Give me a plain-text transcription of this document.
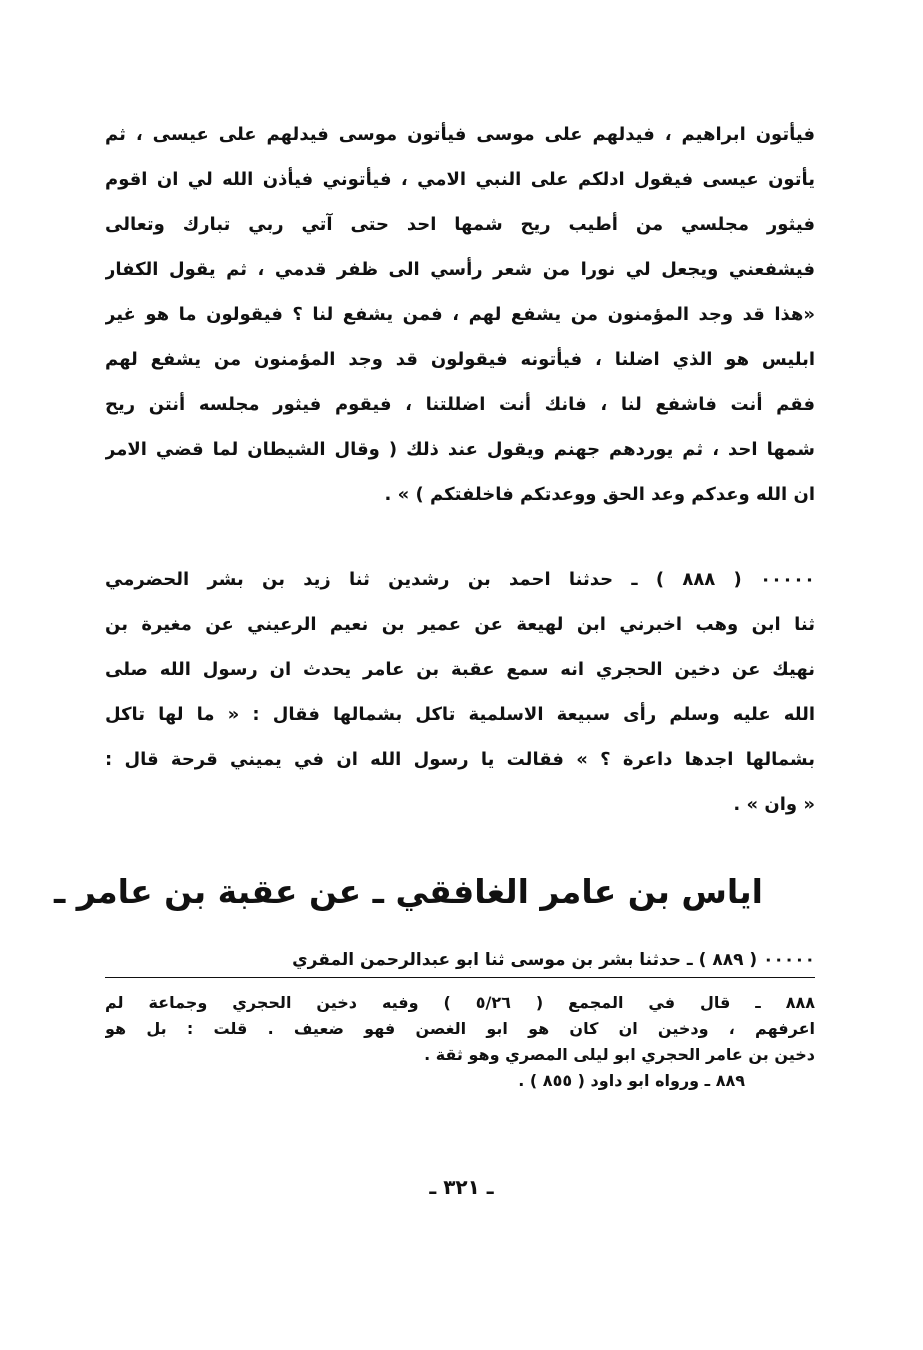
فيأتون ابراهيم ، فيدلهم على موسى فيأتون موسى فيدلهم على عيسى ، ثم
يأتون عيسى فيقول ادلكم على النبي الامي ، فيأتوني فيأذن الله لي ان اقوم
فيثور مجلسي من أطيب ريح شمها احد حتى آتي ربي تبارك وتعالى
فيشفعني ويجعل لي نورا من شعر رأسي الى ظفر قدمي ، ثم يقول الكفار
«هذا قد وجد المؤمنون من يشفع لهم ، فمن يشفع لنا ؟ فيقولون ما هو غير
ابليس هو الذي اضلنا ، فيأتونه فيقولون قد وجد المؤمنون من يشفع لهم
فقم أنت فاشفع لنا ، فانك أنت اضللتنا ، فيقوم فيثور مجلسه أنتن ريح
شمها احد ، ثم يوردهم جهنم ويقول عند ذلك ( وقال الشيطان لما قضي الامر
ان الله وعدكم وعد الحق ووعدتكم فاخلفتكم ) » .
٠٠٠٠٠ ( ٨٨٨ ) ـ حدثنا احمد بن رشدين ثنا زيد بن بشر الحضرمي
ثنا ابن وهب اخبرني ابن لهيعة عن عمير بن نعيم الرعيني عن مغيرة بن
نهيك عن دخين الحجري انه سمع عقبة بن عامر يحدث ان رسول الله صلى
الله عليه وسلم رأى سبيعة الاسلمية تاكل بشمالها فقال : « ما لها تاكل
بشمالها اجدها داعرة ؟ » فقالت يا رسول الله ان في يميني قرحة قال :
« وان » .
اياس بن عامر الغافقي ـ عن عقبة بن عامر ـ
٠٠٠٠٠ ( ٨٨٩ ) ـ حدثنا بشر بن موسى ثنا ابو عبدالرحمن المقري
٨٨٨ ـ قال في المجمع ( ٥/٢٦ ) وفيه دخين الحجري وجماعة لم
اعرفهم ، ودخين ان كان هو ابو الغصن فهو ضعيف . قلت : بل هو
دخين بن عامر الحجري ابو ليلى المصري وهو ثقة .
٨٨٩ ـ ورواه ابو داود ( ٨٥٥ ) .
ـ ٣٢١ ـ
